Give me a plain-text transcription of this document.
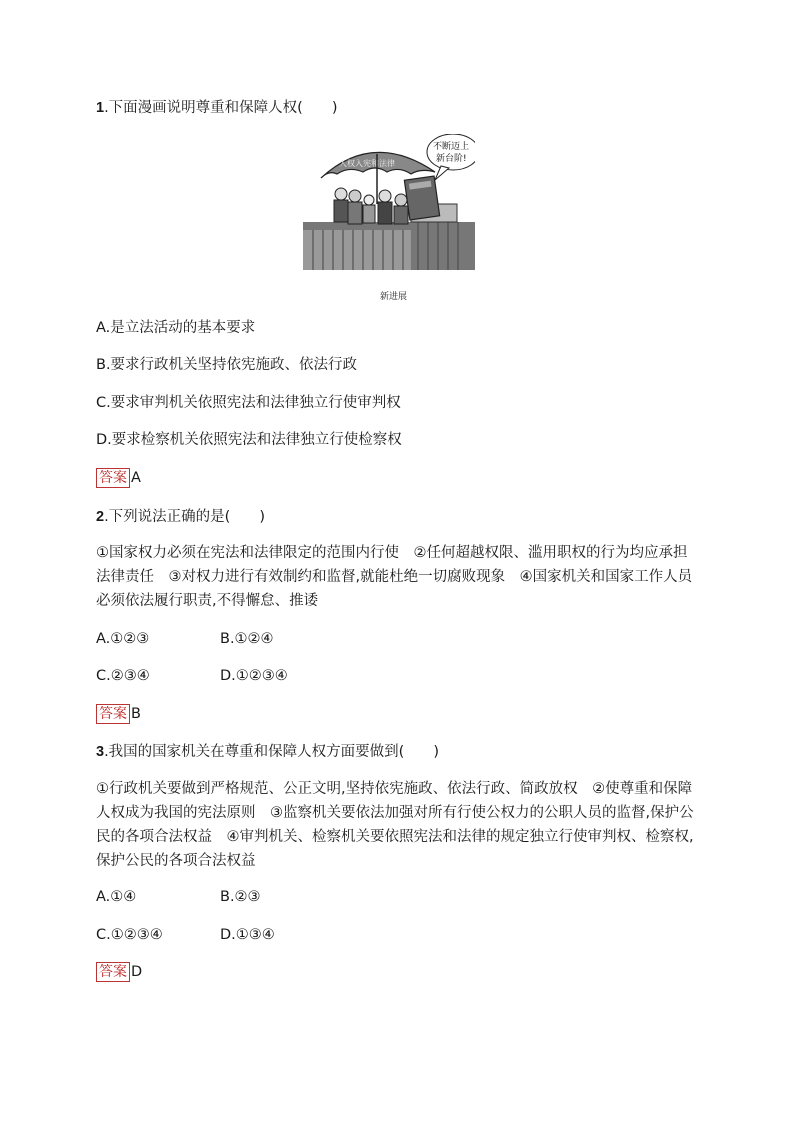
1.下面漫画说明尊重和保障人权(　　)
人权入宪和法律
不断迈上
新台阶!
新进展
A.是立法活动的基本要求
B.要求行政机关坚持依宪施政、依法行政
C.要求审判机关依照宪法和法律独立行使审判权
D.要求检察机关依照宪法和法律独立行使检察权
答案 A
2.下列说法正确的是(　　)
①国家权力必须在宪法和法律限定的范围内行使　②任何超越权限、滥用职权的行为均应承担法律责任　③对权力进行有效制约和监督,就能杜绝一切腐败现象　④国家机关和国家工作人员必须依法履行职责,不得懈怠、推诿
A.①②③	B.①②④
C.②③④	D.①②③④
答案 B
3.我国的国家机关在尊重和保障人权方面要做到(　　)
①行政机关要做到严格规范、公正文明,坚持依宪施政、依法行政、简政放权　②使尊重和保障人权成为我国的宪法原则　③监察机关要依法加强对所有行使公权力的公职人员的监督,保护公民的各项合法权益　④审判机关、检察机关要依照宪法和法律的规定独立行使审判权、检察权,保护公民的各项合法权益
A.①④	B.②③
C.①②③④	D.①③④
答案 D
